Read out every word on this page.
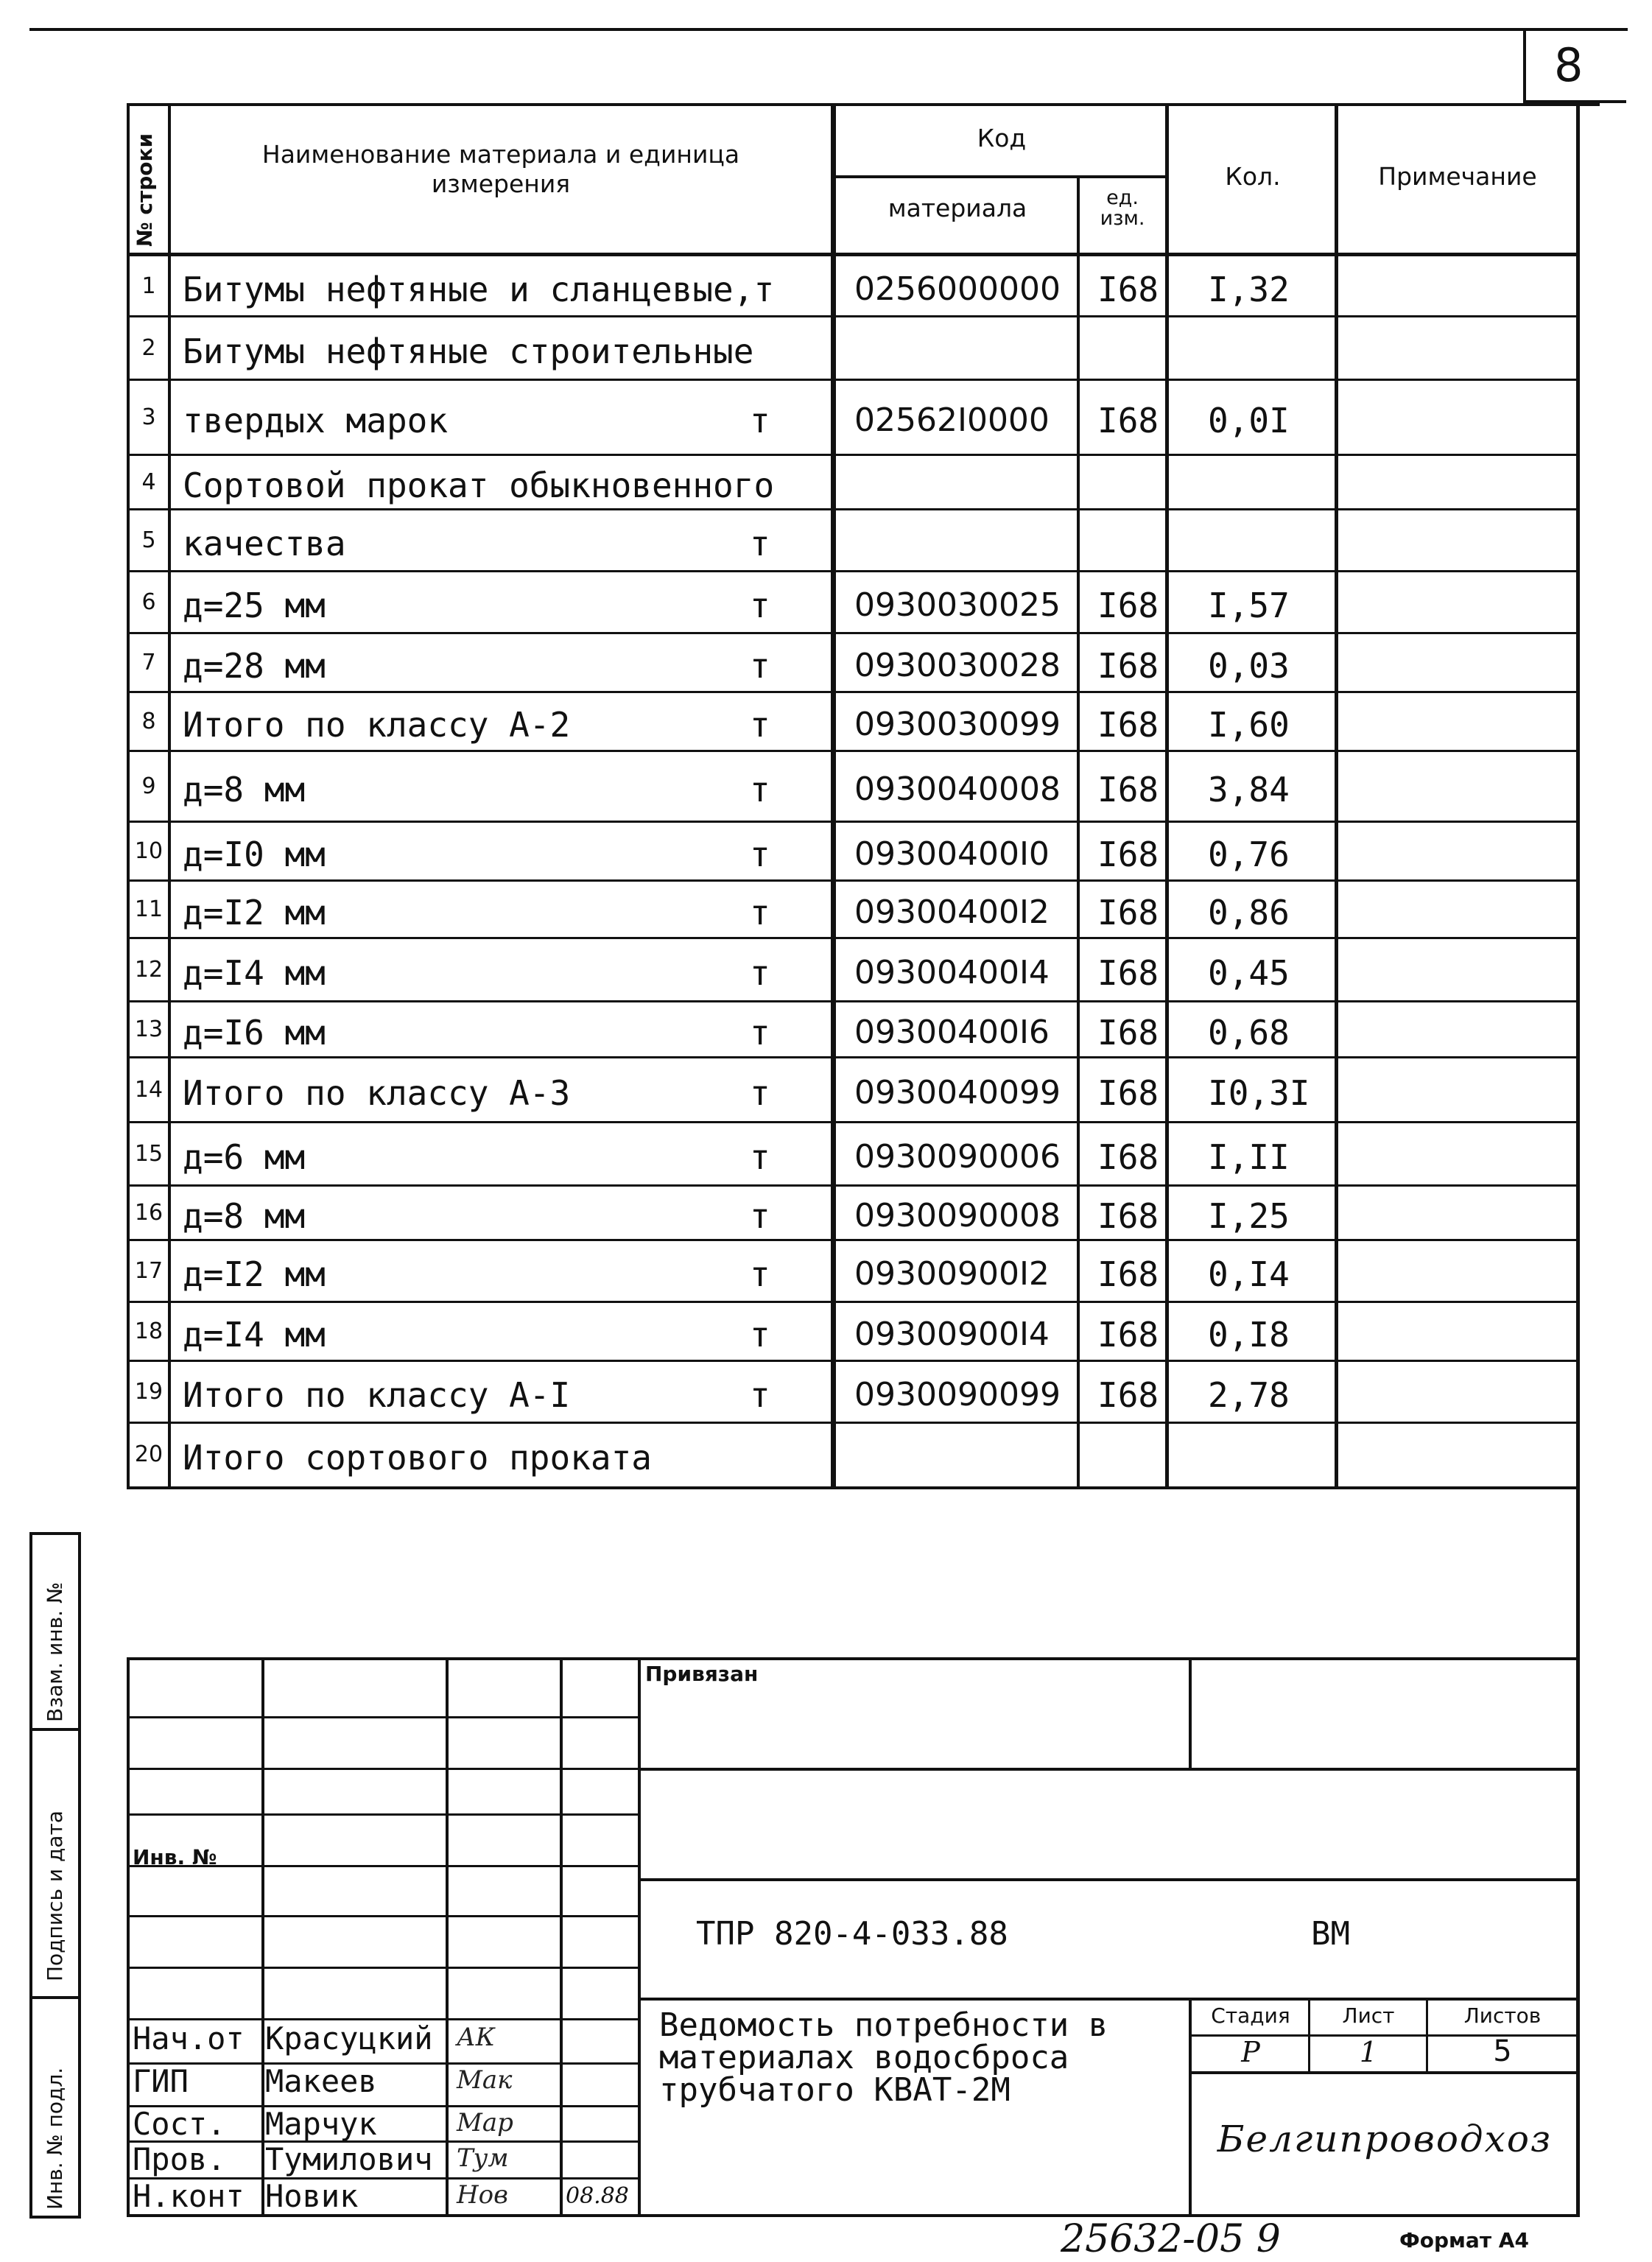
8
№ строки	Наименование материала и единица измерения
Код
материала	ед. изм.
Кол.	Примечание
1 Битумы нефтяные и сланцевые,т 0256000000 I68 I,32
2 Битумы нефтяные строительные
3 твердых марок	т	02562I0000 I68 0,0I
4 Сортовой прокат обыкновенного
5 качества	т
6 д=25 мм	т	0930030025 I68 I,57
7 д=28 мм	т	0930030028 I68 0,03
8 Итого по классу А-2	т	0930030099 I68 I,60
9 д=8 мм	т	0930040008 I68 3,84
10 д=I0 мм	т	09300400I0 I68 0,76
11 д=I2 мм	т	09300400I2 I68 0,86
12 д=I4 мм	т	09300400I4 I68 0,45
13 д=I6 мм	т	09300400I6 I68 0,68
14 Итого по классу А-3	т	0930040099 I68 I0,3I
15 д=6 мм	т	0930090006 I68 I,II
16 д=8 мм	т	0930090008 I68 I,25
17 д=I2 мм	т	09300900I2 I68 0,I4
18 д=I4 мм	т	09300900I4 I68 0,I8
19 Итого по классу А-I	т	0930090099 I68 2,78
20 Итого сортового проката
Взам. инв. №
Подпись и дата
Инв. № подл.
Привязан
Инв. №
ТПР 820-4-033.88	ВМ
Ведомость потребности в материалах водосброса трубчатого КВАТ-2М
Стадия	Лист	Листов
Р	1	5
Белгипроводхоз
Нач.от Красуцкий АК
ГИП Макеев	Мак
Сост. Марчук	Мар
Пров. Тумилович Тум
Н.конт Новик	Нов	08.88
25632-05 9	Формат А4
